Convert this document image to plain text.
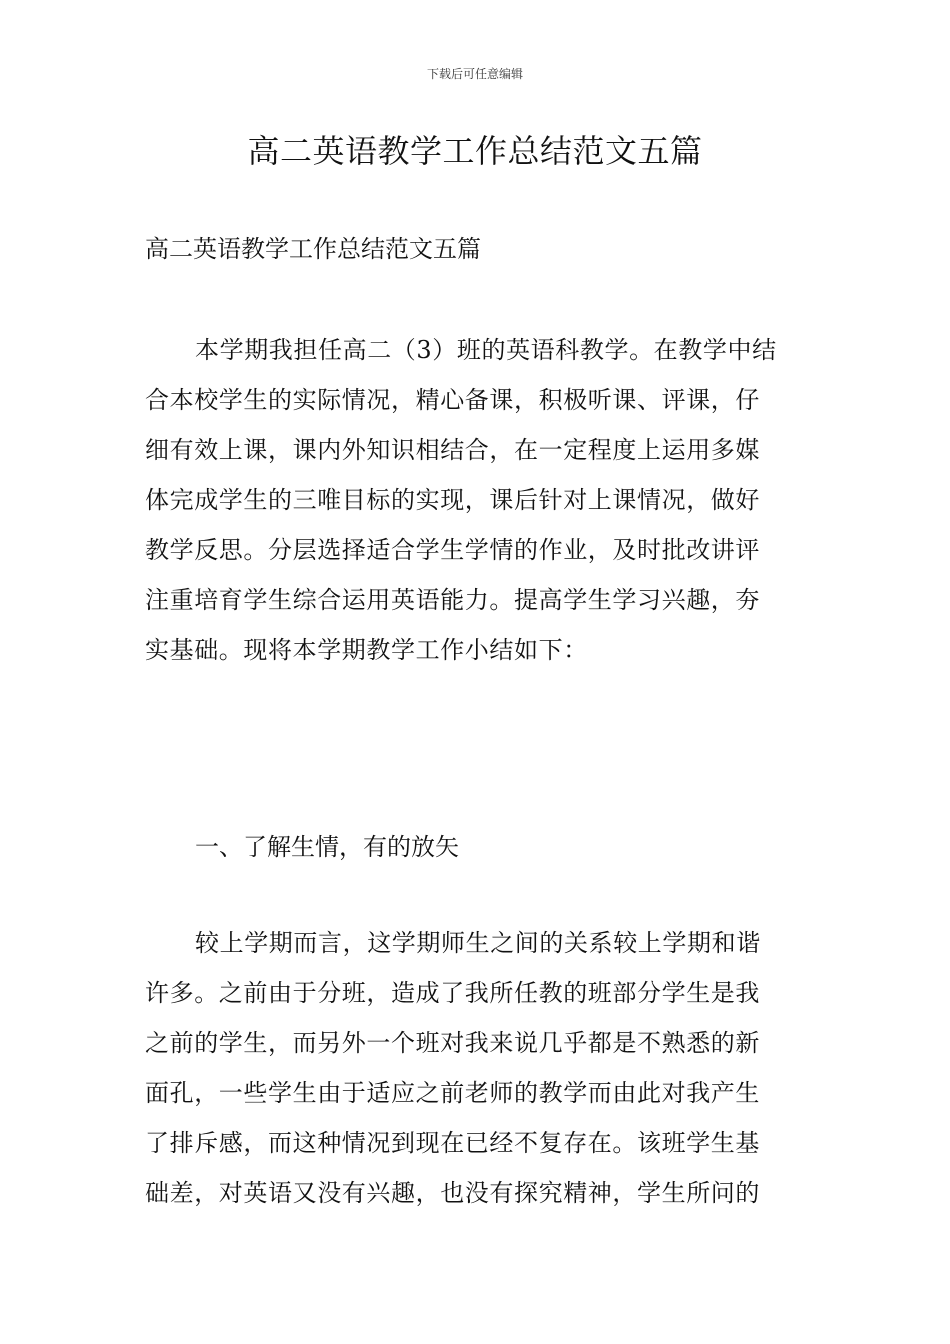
下载后可任意编辑
高二英语教学工作总结范文五篇

高二英语教学工作总结范文五篇

本学期我担任高二（3）班的英语科教学。在教学中结
合本校学生的实际情况，精心备课，积极听课、评课，仔
细有效上课，课内外知识相结合，在一定程度上运用多媒
体完成学生的三唯目标的实现，课后针对上课情况，做好
教学反思。分层选择适合学生学情的作业，及时批改讲评
注重培育学生综合运用英语能力。提高学生学习兴趣，夯
实基础。现将本学期教学工作小结如下：

一、了解生情，有的放矢

较上学期而言，这学期师生之间的关系较上学期和谐
许多。之前由于分班，造成了我所任教的班部分学生是我
之前的学生，而另外一个班对我来说几乎都是不熟悉的新
面孔，一些学生由于适应之前老师的教学而由此对我产生
了排斥感，而这种情况到现在已经不复存在。该班学生基
础差，对英语又没有兴趣，也没有探究精神，学生所问的
